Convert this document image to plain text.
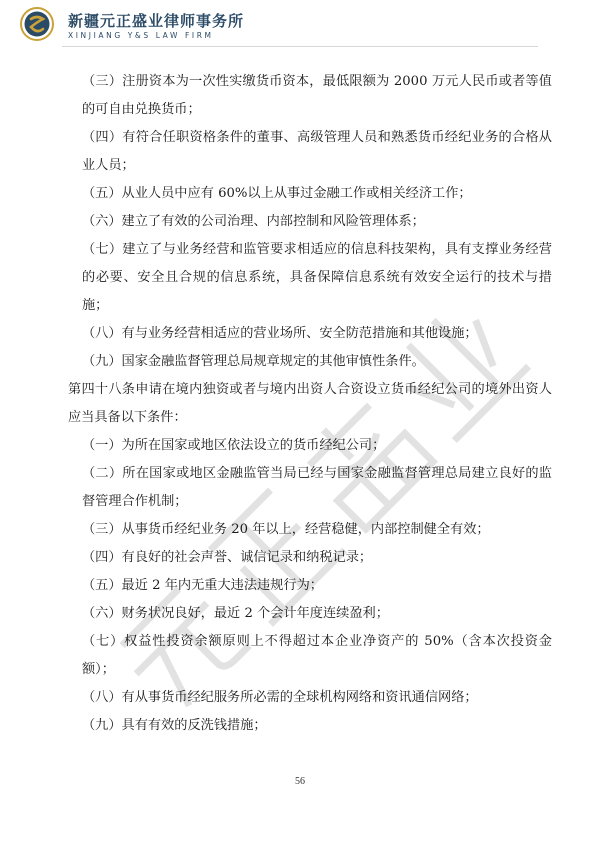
新疆元正盛业律师事务所
XINJIANG Y&S LAW FIRM

（三）注册资本为一次性实缴货币资本，最低限额为 2000 万元人民币或者等值的可自由兑换货币；

（四）有符合任职资格条件的董事、高级管理人员和熟悉货币经纪业务的合格从业人员；

（五）从业人员中应有 60%以上从事过金融工作或相关经济工作；

（六）建立了有效的公司治理、内部控制和风险管理体系；

（七）建立了与业务经营和监管要求相适应的信息科技架构，具有支撑业务经营的必要、安全且合规的信息系统，具备保障信息系统有效安全运行的技术与措施；

（八）有与业务经营相适应的营业场所、安全防范措施和其他设施；

（九）国家金融监督管理总局规章规定的其他审慎性条件。

第四十八条申请在境内独资或者与境内出资人合资设立货币经纪公司的境外出资人应当具备以下条件：

（一）为所在国家或地区依法设立的货币经纪公司；

（二）所在国家或地区金融监管当局已经与国家金融监督管理总局建立良好的监督管理合作机制；

（三）从事货币经纪业务 20 年以上，经营稳健，内部控制健全有效；

（四）有良好的社会声誉、诚信记录和纳税记录；

（五）最近 2 年内无重大违法违规行为；

（六）财务状况良好，最近 2 个会计年度连续盈利；

（七）权益性投资余额原则上不得超过本企业净资产的 50%（含本次投资金额）；

（八）有从事货币经纪服务所必需的全球机构网络和资讯通信网络；

（九）具有有效的反洗钱措施；

56
